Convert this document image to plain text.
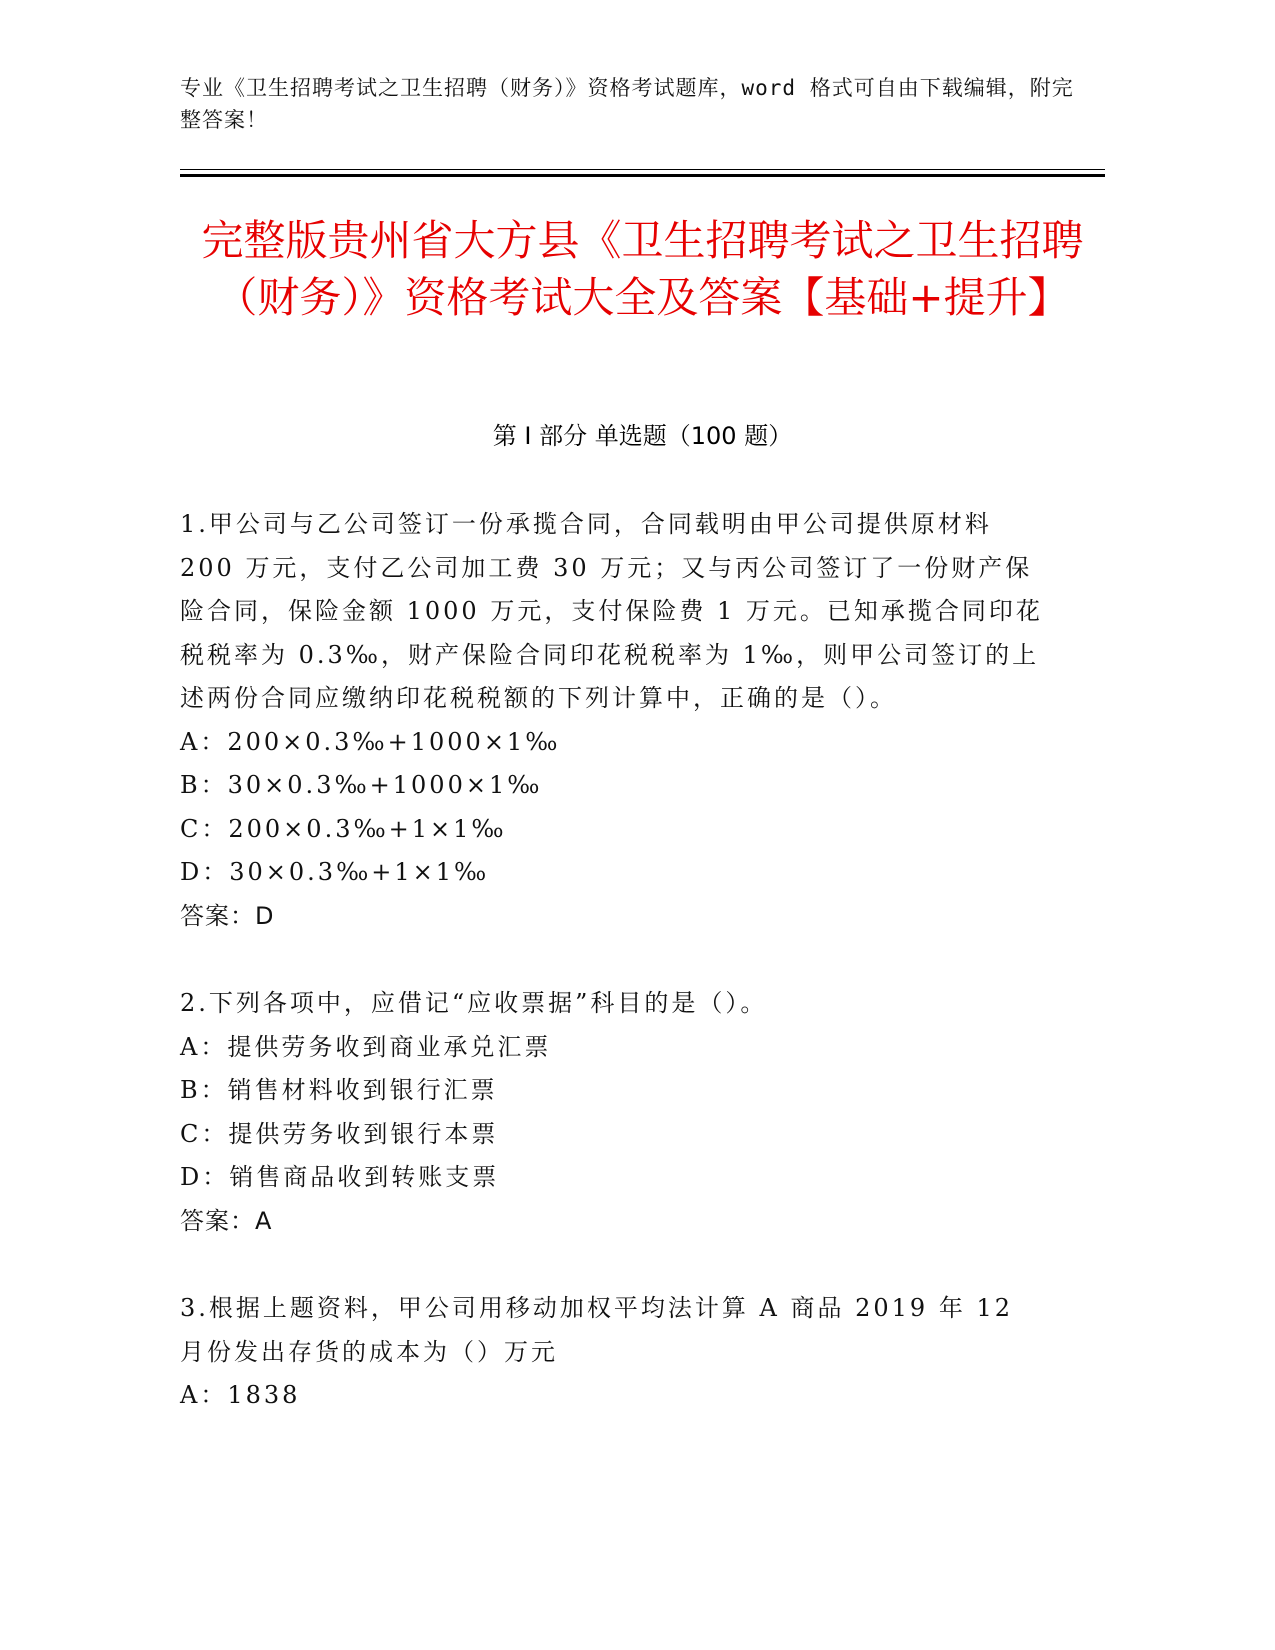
专业《卫生招聘考试之卫生招聘（财务）》资格考试题库，word 格式可自由下载编辑，附完整答案！
完整版贵州省大方县《卫生招聘考试之卫生招聘（财务）》资格考试大全及答案【基础+提升】
第 I 部分 单选题（100 题）

1.甲公司与乙公司签订一份承揽合同，合同载明由甲公司提供原材料 200 万元，支付乙公司加工费 30 万元；又与丙公司签订了一份财产保险合同，保险金额 1000 万元，支付保险费 1 万元。已知承揽合同印花税税率为 0.3‰，财产保险合同印花税税率为 1‰，则甲公司签订的上述两份合同应缴纳印花税税额的下列计算中，正确的是（）。

A：200×0.3‰+1000×1‰

B：30×0.3‰+1000×1‰

C：200×0.3‰+1×1‰

D：30×0.3‰+1×1‰

答案：D

2.下列各项中，应借记“应收票据”科目的是（）。

A：提供劳务收到商业承兑汇票

B：销售材料收到银行汇票

C：提供劳务收到银行本票

D：销售商品收到转账支票

答案：A

3.根据上题资料，甲公司用移动加权平均法计算 A 商品 2019 年 12 月份发出存货的成本为（）万元

A：1838
